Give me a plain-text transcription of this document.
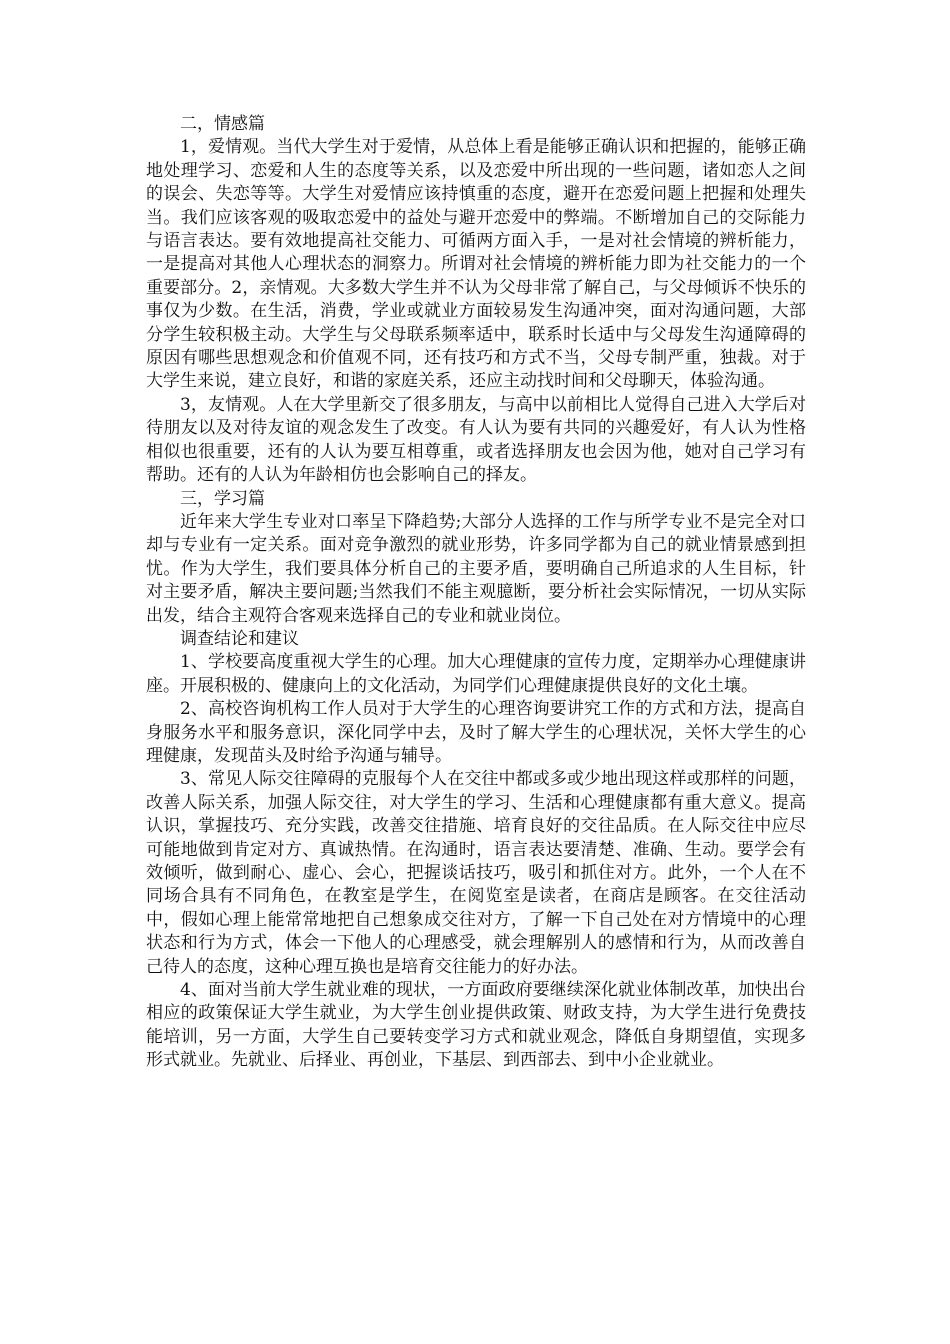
二，情感篇

1，爱情观。当代大学生对于爱情，从总体上看是能够正确认识和把握的，能够正确地处理学习、恋爱和人生的态度等关系，以及恋爱中所出现的一些问题，诸如恋人之间的误会、失恋等等。大学生对爱情应该持慎重的态度，避开在恋爱问题上把握和处理失当。我们应该客观的吸取恋爱中的益处与避开恋爱中的弊端。不断增加自己的交际能力与语言表达。要有效地提高社交能力、可循两方面入手，一是对社会情境的辨析能力，一是提高对其他人心理状态的洞察力。所谓对社会情境的辨析能力即为社交能力的一个重要部分。2，亲情观。大多数大学生并不认为父母非常了解自己，与父母倾诉不快乐的事仅为少数。在生活，消费，学业或就业方面较易发生沟通冲突，面对沟通问题，大部分学生较积极主动。大学生与父母联系频率适中，联系时长适中与父母发生沟通障碍的原因有哪些思想观念和价值观不同，还有技巧和方式不当，父母专制严重，独裁。对于大学生来说，建立良好，和谐的家庭关系，还应主动找时间和父母聊天，体验沟通。

3，友情观。人在大学里新交了很多朋友，与高中以前相比人觉得自己进入大学后对待朋友以及对待友谊的观念发生了改变。有人认为要有共同的兴趣爱好，有人认为性格相似也很重要，还有的人认为要互相尊重，或者选择朋友也会因为他，她对自己学习有帮助。还有的人认为年龄相仿也会影响自己的择友。

三，学习篇

近年来大学生专业对口率呈下降趋势;大部分人选择的工作与所学专业不是完全对口却与专业有一定关系。面对竞争激烈的就业形势，许多同学都为自己的就业情景感到担忧。作为大学生，我们要具体分析自己的主要矛盾，要明确自己所追求的人生目标，针对主要矛盾，解决主要问题;当然我们不能主观臆断，要分析社会实际情况，一切从实际出发，结合主观符合客观来选择自己的专业和就业岗位。

调查结论和建议

1、学校要高度重视大学生的心理。加大心理健康的宣传力度，定期举办心理健康讲座。开展积极的、健康向上的文化活动，为同学们心理健康提供良好的文化土壤。

2、高校咨询机构工作人员对于大学生的心理咨询要讲究工作的方式和方法，提高自身服务水平和服务意识，深化同学中去，及时了解大学生的心理状况，关怀大学生的心理健康，发现苗头及时给予沟通与辅导。

3、常见人际交往障碍的克服每个人在交往中都或多或少地出现这样或那样的问题，改善人际关系，加强人际交往，对大学生的学习、生活和心理健康都有重大意义。提高认识，掌握技巧、充分实践，改善交往措施、培育良好的交往品质。在人际交往中应尽可能地做到肯定对方、真诚热情。在沟通时，语言表达要清楚、准确、生动。要学会有效倾听，做到耐心、虚心、会心，把握谈话技巧，吸引和抓住对方。此外，一个人在不同场合具有不同角色，在教室是学生，在阅览室是读者，在商店是顾客。在交往活动中，假如心理上能常常地把自己想象成交往对方，了解一下自己处在对方情境中的心理状态和行为方式，体会一下他人的心理感受，就会理解别人的感情和行为，从而改善自己待人的态度，这种心理互换也是培育交往能力的好办法。

4、面对当前大学生就业难的现状，一方面政府要继续深化就业体制改革，加快出台相应的政策保证大学生就业，为大学生创业提供政策、财政支持，为大学生进行免费技能培训，另一方面，大学生自己要转变学习方式和就业观念，降低自身期望值，实现多形式就业。先就业、后择业、再创业，下基层、到西部去、到中小企业就业。
